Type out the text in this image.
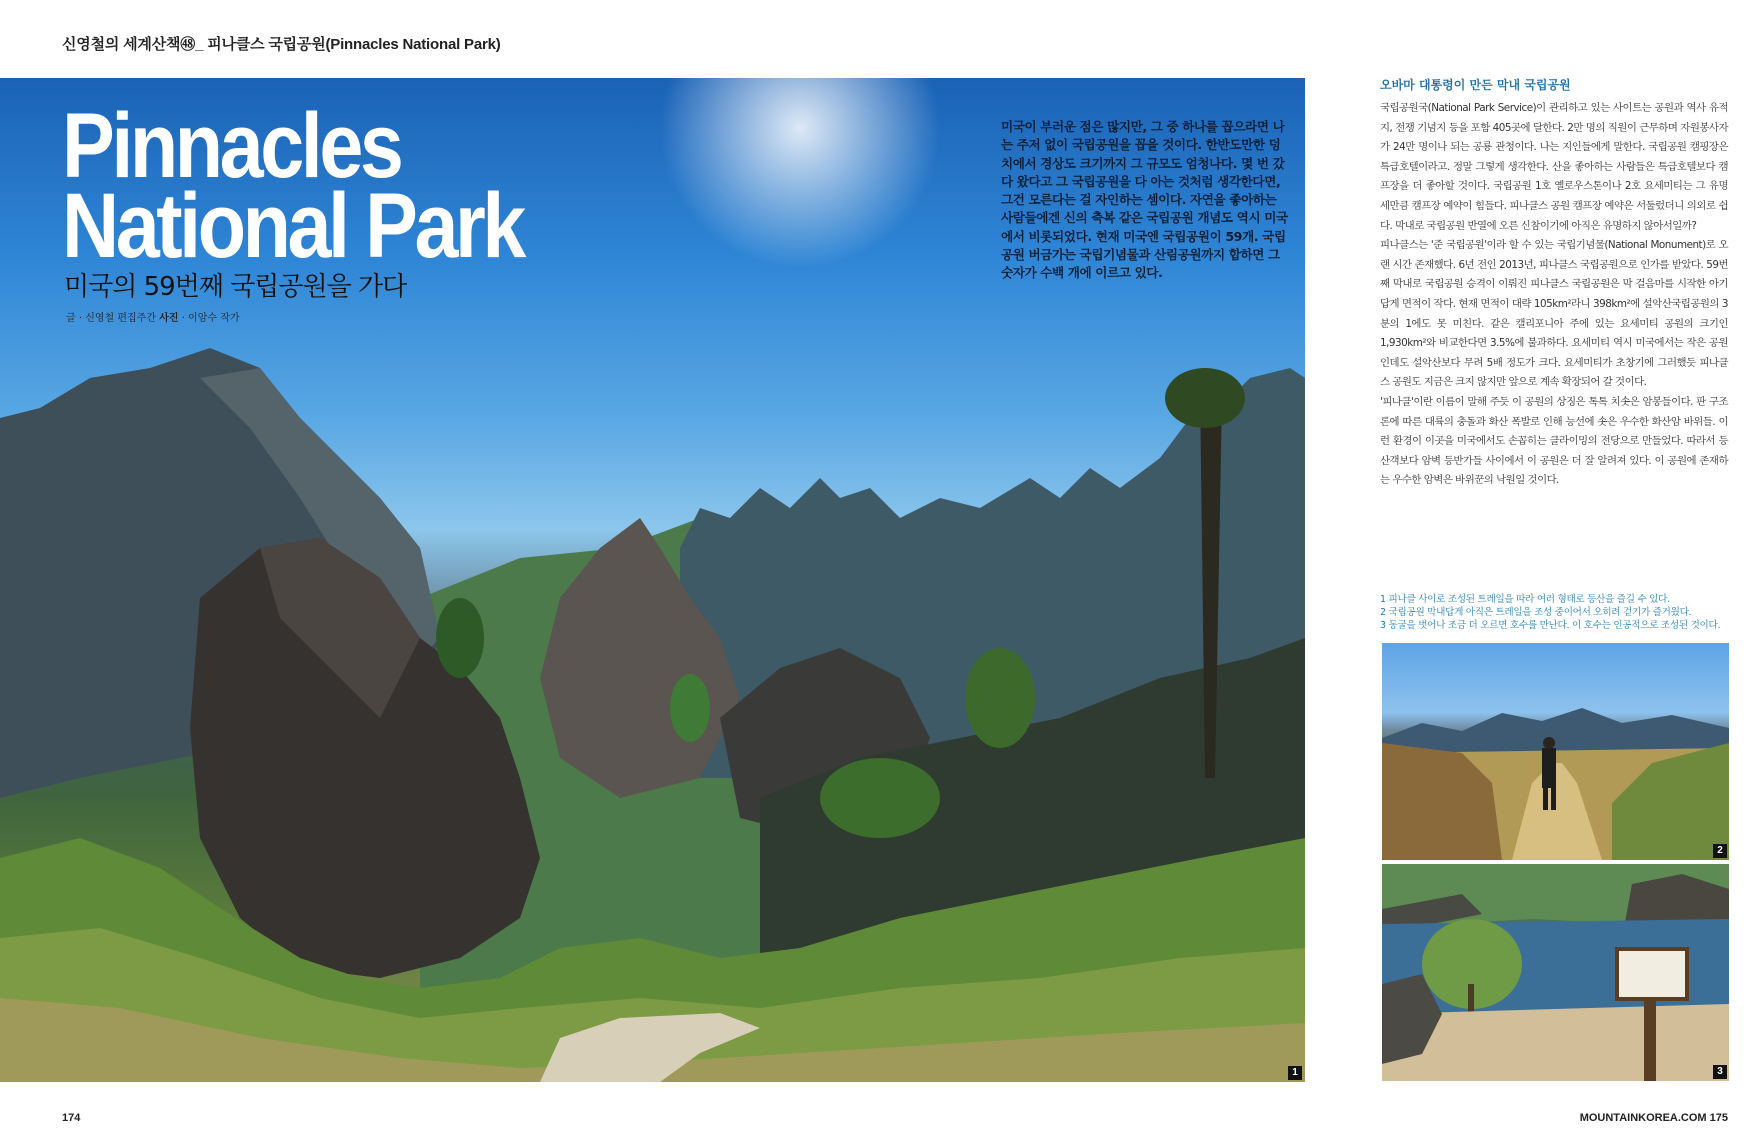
신영철의 세계산책㊽_ 피나클스 국립공원(Pinnacles National Park)
Pinnacles
National Park
미국의 59번째 국립공원을 가다
글 · 신영철 편집주간 사진 · 이암수 작가
미국이 부러운 점은 많지만, 그 중 하나를 꼽으라면 나는 주저 없이 국립공원을 꼽을 것이다. 한반도만한 덩치에서 경상도 크기까지 그 규모도 엄청나다. 몇 번 갔다 왔다고 그 국립공원을 다 아는 것처럼 생각한다면, 그건 모른다는 걸 자인하는 셈이다. 자연을 좋아하는 사람들에겐 신의 축복 같은 국립공원 개념도 역시 미국에서 비롯되었다. 현재 미국엔 국립공원이 59개. 국립공원 버금가는 국립기념물과 산림공원까지 합하면 그 숫자가 수백 개에 이르고 있다.
1
오바마 대통령이 만든 막내 국립공원

국립공원국(National Park Service)이 관리하고 있는 사이트는 공원과 역사 유적지, 전쟁 기념지 등을 포함 405곳에 달한다. 2만 명의 직원이 근무하며 자원봉사자가 24만 명이나 되는 공룡 관청이다. 나는 지인들에게 말한다. 국립공원 캠핑장은 특급호텔이라고. 정말 그렇게 생각한다. 산을 좋아하는 사람들은 특급호텔보다 캠프장을 더 좋아할 것이다. 국립공원 1호 옐로우스톤이나 2호 요세미티는 그 유명세만큼 캠프장 예약이 힘들다. 피나클스 공원 캠프장 예약은 서둘렀더니 의외로 쉽다. 막내로 국립공원 반열에 오른 신참이기에 아직은 유명하지 않아서일까?

피나클스는 '준 국립공원'이라 할 수 있는 국립기념물(National Monument)로 오랜 시간 존재했다. 6년 전인 2013년, 피나클스 국립공원으로 인가를 받았다. 59번째 막내로 국립공원 승격이 이뤄진 피나클스 국립공원은 막 걸음마를 시작한 아기답게 면적이 작다. 현재 면적이 대략 105km²라니 398km²에 설악산국립공원의 3분의 1에도 못 미친다. 같은 캘리포니아 주에 있는 요세미티 공원의 크기인 1,930km²와 비교한다면 3.5%에 불과하다. 요세미티 역시 미국에서는 작은 공원인데도 설악산보다 무려 5배 정도가 크다. 요세미티가 초창기에 그러했듯 피나클스 공원도 지금은 크지 않지만 앞으로 계속 확장되어 갈 것이다.

'피나클'이란 이름이 말해 주듯 이 공원의 상징은 톡톡 치솟은 암봉들이다. 판 구조론에 따른 대륙의 충돌과 화산 폭발로 인해 능선에 솟은 우수한 화산암 바위들. 이런 환경이 이곳을 미국에서도 손꼽히는 클라이밍의 전당으로 만들었다. 따라서 등산객보다 암벽 등반가들 사이에서 이 공원은 더 잘 알려져 있다. 이 공원에 존재하는 우수한 암벽은 바위꾼의 낙원일 것이다.

1 피나클 사이로 조성된 트레일을 따라 여러 형태로 등산을 즐길 수 있다.
2 국립공원 막내답게 아직은 트레일을 조성 중이어서 오히려 걷기가 즐거웠다.
3 동굴을 벗어나 조금 더 오르면 호수를 만난다. 이 호수는 인공적으로 조성된 것이다.
2
3
174	MOUNTAINKOREA.COM 175
